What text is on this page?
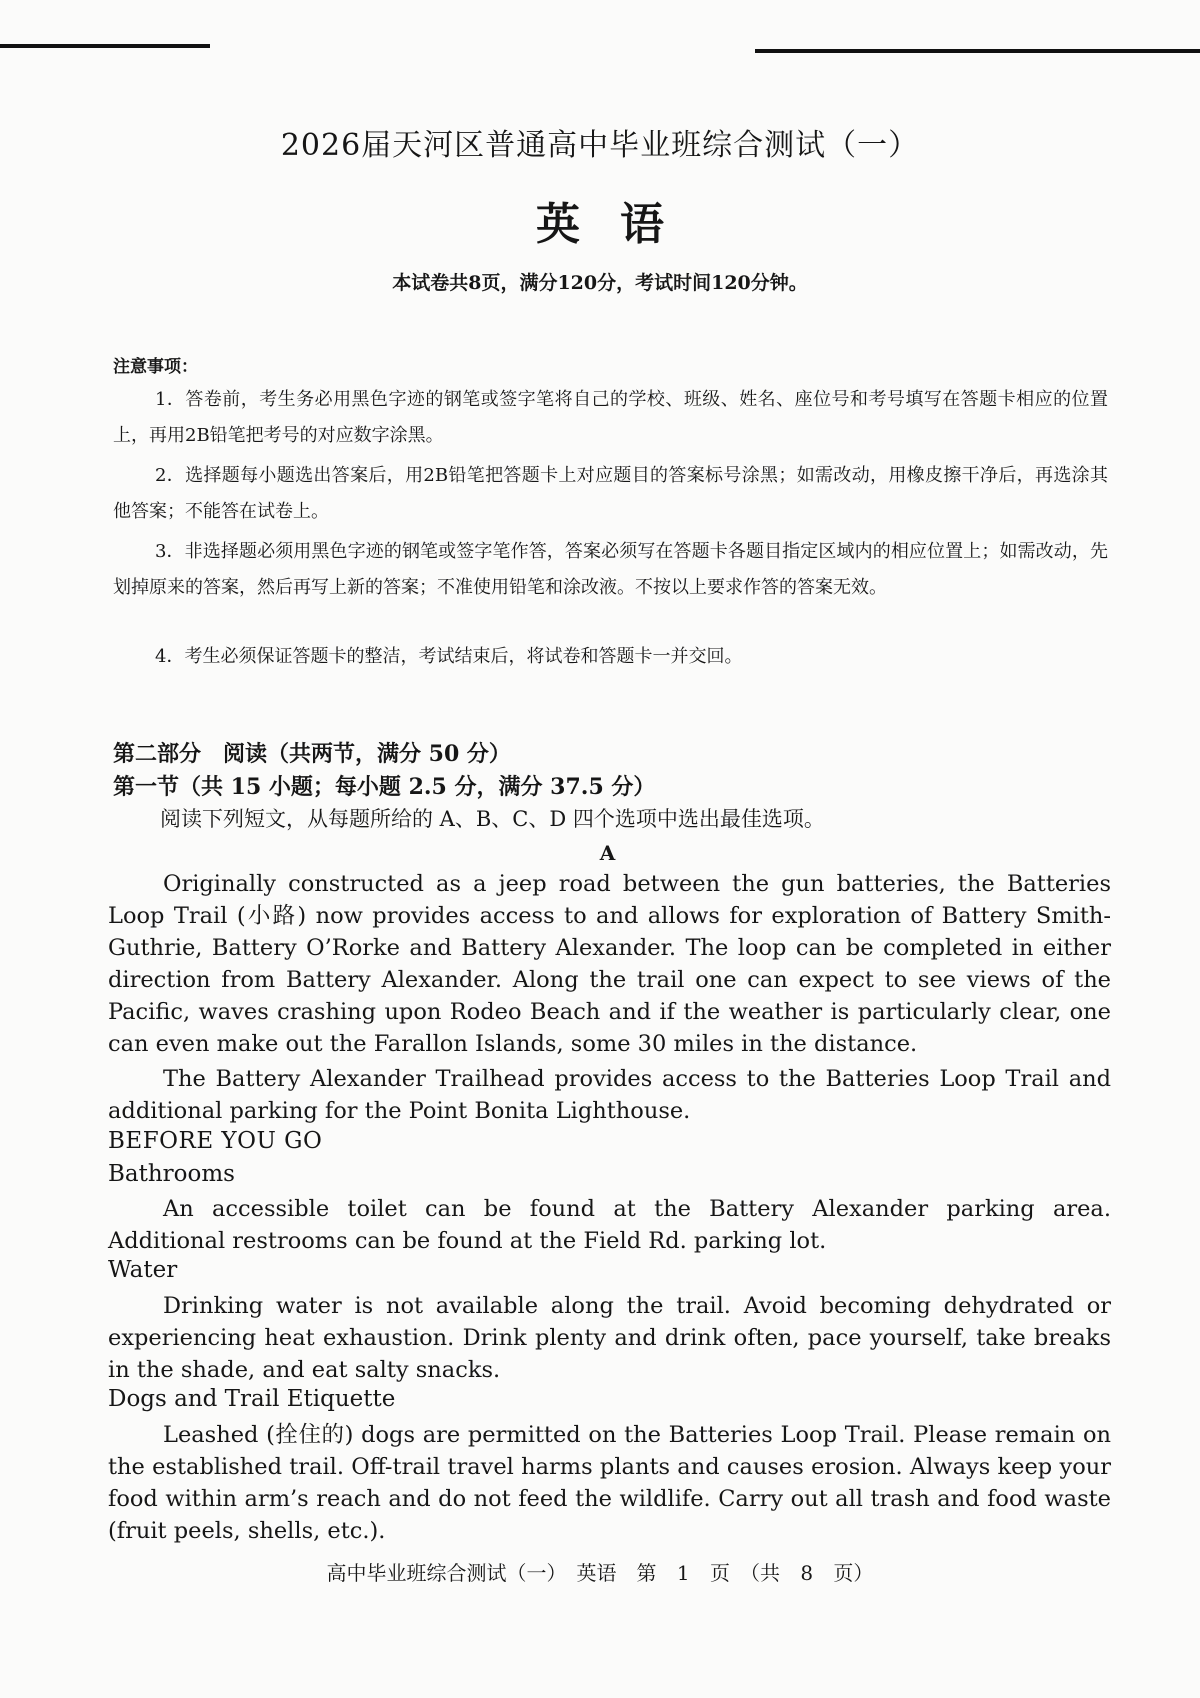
2026届天河区普通高中毕业班综合测试（一）
英语
本试卷共8页，满分120分，考试时间120分钟。
注意事项：
1．答卷前，考生务必用黑色字迹的钢笔或签字笔将自己的学校、班级、姓名、座位号和考号填写在答题卡相应的位置上，再用2B铅笔把考号的对应数字涂黑。
2．选择题每小题选出答案后，用2B铅笔把答题卡上对应题目的答案标号涂黑；如需改动，用橡皮擦干净后，再选涂其他答案；不能答在试卷上。
3．非选择题必须用黑色字迹的钢笔或签字笔作答，答案必须写在答题卡各题目指定区域内的相应位置上；如需改动，先划掉原来的答案，然后再写上新的答案；不准使用铅笔和涂改液。不按以上要求作答的答案无效。
4．考生必须保证答题卡的整洁，考试结束后，将试卷和答题卡一并交回。
第二部分　阅读（共两节，满分 50 分）
第一节（共 15 小题；每小题 2.5 分，满分 37.5 分）
阅读下列短文，从每题所给的 A、B、C、D 四个选项中选出最佳选项。
A

Originally constructed as a jeep road between the gun batteries, the Batteries Loop Trail (小路) now provides access to and allows for exploration of Battery Smith-Guthrie, Battery O’Rorke and Battery Alexander. The loop can be completed in either direction from Battery Alexander. Along the trail one can expect to see views of the Pacific, waves crashing upon Rodeo Beach and if the weather is particularly clear, one can even make out the Farallon Islands, some 30 miles in the distance.

The Battery Alexander Trailhead provides access to the Batteries Loop Trail and additional parking for the Point Bonita Lighthouse.

BEFORE YOU GO
Bathrooms

An accessible toilet can be found at the Battery Alexander parking area. Additional restrooms can be found at the Field Rd. parking lot.

Water

Drinking water is not available along the trail. Avoid becoming dehydrated or experiencing heat exhaustion. Drink plenty and drink often, pace yourself, take breaks in the shade, and eat salty snacks.

Dogs and Trail Etiquette

Leashed (拴住的) dogs are permitted on the Batteries Loop Trail. Please remain on the established trail. Off-trail travel harms plants and causes erosion. Always keep your food within arm’s reach and do not feed the wildlife. Carry out all trash and food waste (fruit peels, shells, etc.).

高中毕业班综合测试（一）　英语　第 1 页　（共 8 页）
